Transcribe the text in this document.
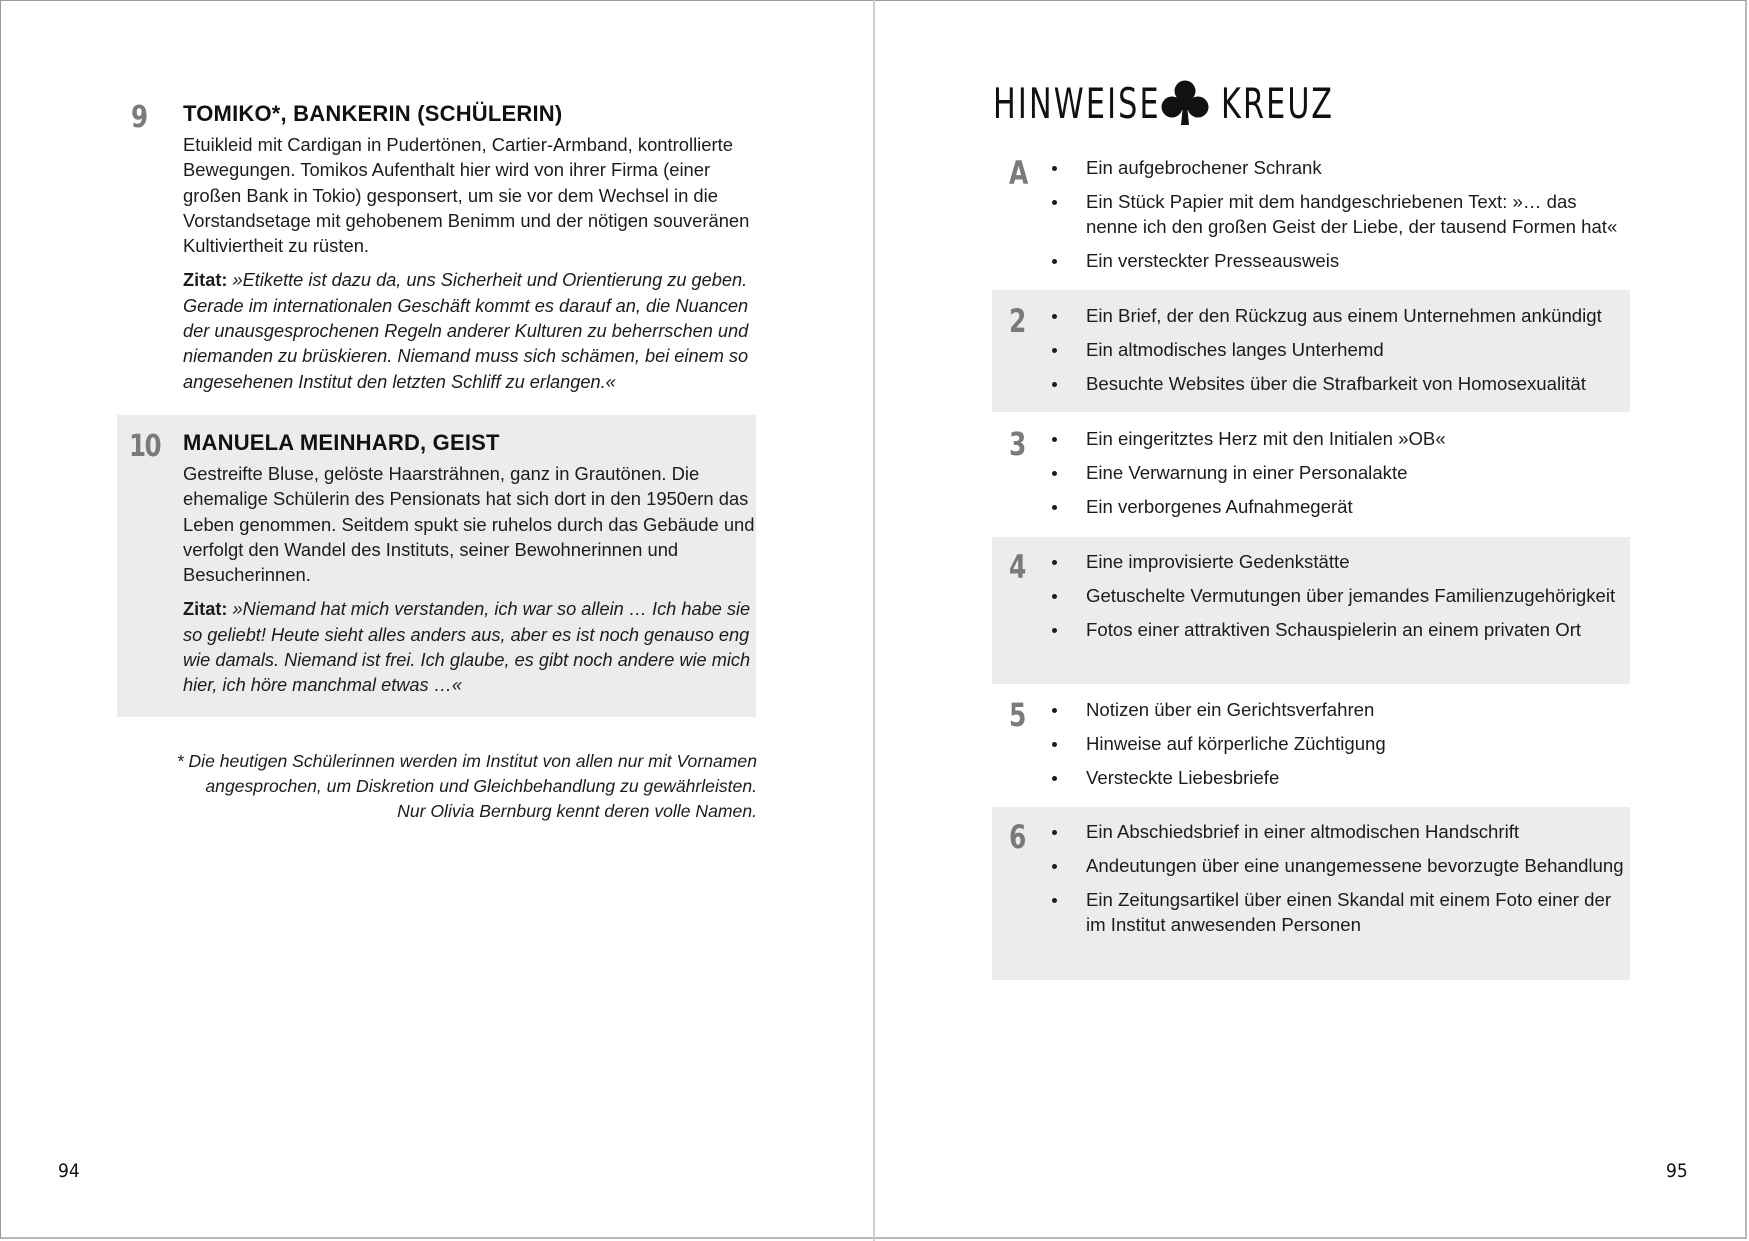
9 TOMIKO*, BANKERIN (SCHÜLERIN)

Etuikleid mit Cardigan in Pudertönen, Cartier-Armband, kontrollierte Bewegungen. Tomikos Aufenthalt hier wird von ihrer Firma (einer großen Bank in Tokio) gesponsert, um sie vor dem Wechsel in die Vorstandsetage mit gehobenem Benimm und der nötigen souveränen Kultiviertheit zu rüsten.

Zitat: »Etikette ist dazu da, uns Sicherheit und Orientierung zu geben. Gerade im internationalen Geschäft kommt es darauf an, die Nuancen der unausgesprochenen Regeln anderer Kulturen zu beherrschen und niemanden zu brüskieren. Niemand muss sich schämen, bei einem so angesehenen Institut den letzten Schliff zu erlangen.«

10 MANUELA MEINHARD, GEIST

Gestreifte Bluse, gelöste Haarsträhnen, ganz in Grautönen. Die ehemalige Schülerin des Pensionats hat sich dort in den 1950ern das Leben genommen. Seitdem spukt sie ruhelos durch das Gebäude und verfolgt den Wandel des Instituts, seiner Bewohnerinnen und Besucherinnen.

Zitat: »Niemand hat mich verstanden, ich war so allein … Ich habe sie so geliebt! Heute sieht alles anders aus, aber es ist noch genauso eng wie damals. Niemand ist frei. Ich glaube, es gibt noch andere wie mich hier, ich höre manchmal etwas …«

* Die heutigen Schülerinnen werden im Institut von allen nur mit Vornamen
angesprochen, um Diskretion und Gleichbehandlung zu gewährleisten.
Nur Olivia Bernburg kennt deren volle Namen.
94
HINWEISE KREUZ
A	Ein aufgebrochener Schrank
Ein Stück Papier mit dem handgeschriebenen Text: »… das nenne ich den großen Geist der Liebe, der tausend Formen hat«
Ein versteckter Presseausweis
2	Ein Brief, der den Rückzug aus einem Unternehmen ankündigt
Ein altmodisches langes Unterhemd
Besuchte Websites über die Strafbarkeit von Homosexualität
3	Ein eingeritztes Herz mit den Initialen »OB«
Eine Verwarnung in einer Personalakte
Ein verborgenes Aufnahmegerät
4	Eine improvisierte Gedenkstätte
Getuschelte Vermutungen über jemandes Familienzugehörigkeit
Fotos einer attraktiven Schauspielerin an einem privaten Ort
5	Notizen über ein Gerichtsverfahren
Hinweise auf körperliche Züchtigung
Versteckte Liebesbriefe
6	Ein Abschiedsbrief in einer altmodischen Handschrift
Andeutungen über eine unangemessene bevorzugte Behandlung
Ein Zeitungsartikel über einen Skandal mit einem Foto einer der im Institut anwesenden Personen
95
